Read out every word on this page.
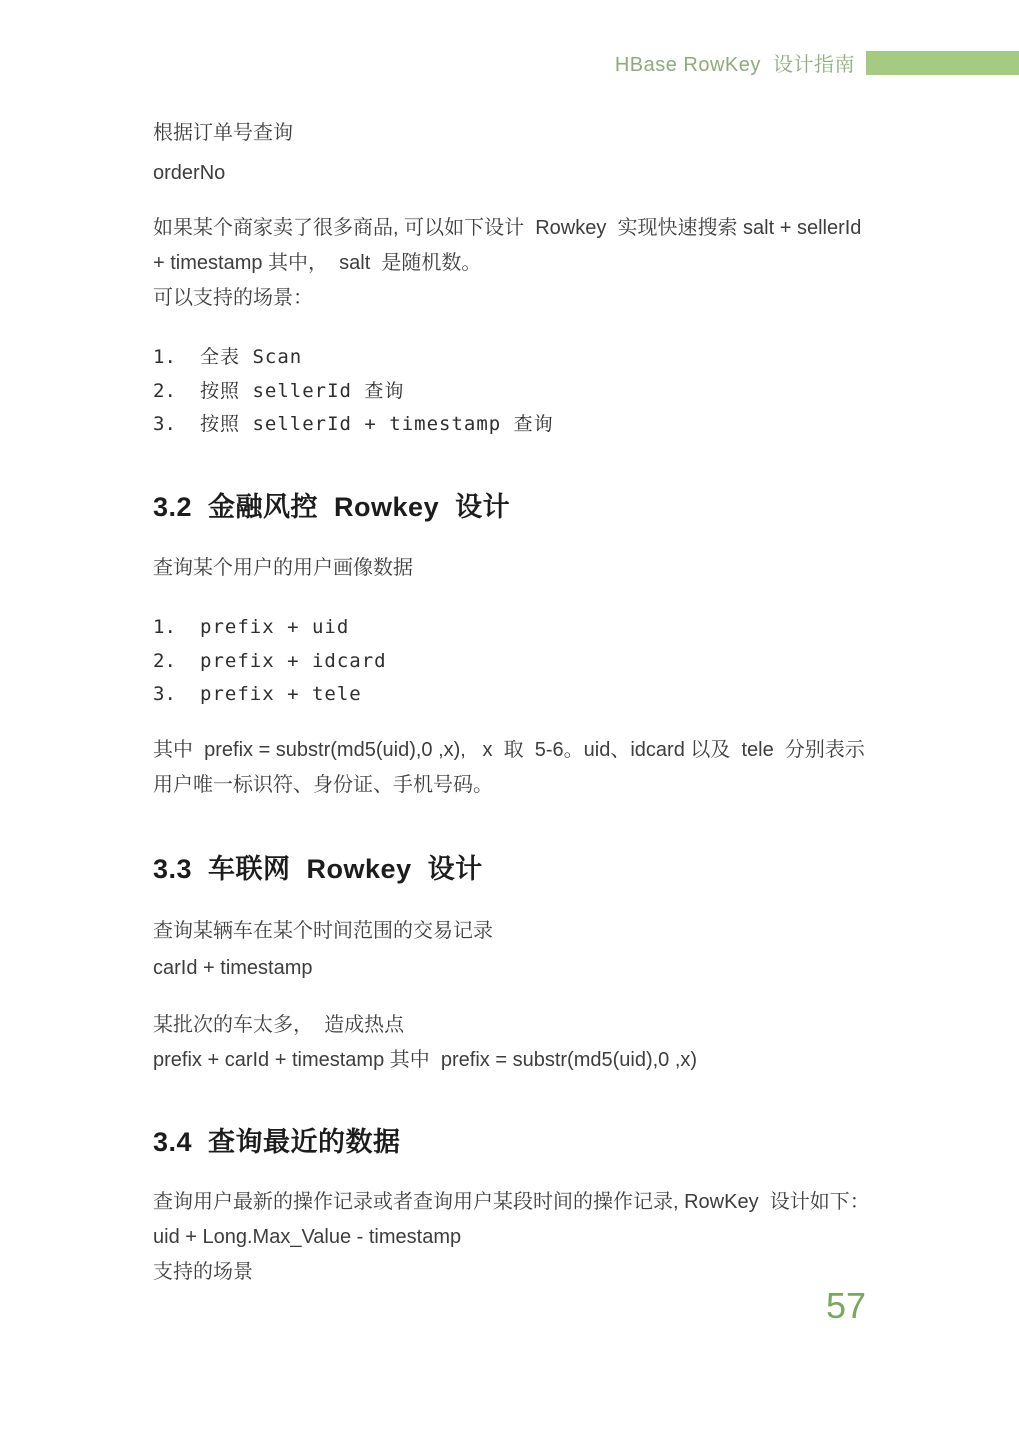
HBase RowKey  设计指南
根据订单号查询
orderNo
如果某个商家卖了很多商品, 可以如下设计  Rowkey  实现快速搜索 salt + sellerId
+ timestamp 其中，  salt  是随机数。
可以支持的场景：
1.	全表 Scan
2.	按照 sellerId 查询
3.	按照 sellerId + timestamp 查询
3.2  金融风控  Rowkey  设计
查询某个用户的用户画像数据
1.	prefix + uid
2.	prefix + idcard
3.	prefix + tele
其中  prefix = substr(md5(uid),0 ,x),   x  取  5-6。uid、idcard 以及  tele  分别表示
用户唯一标识符、身份证、手机号码。
3.3  车联网  Rowkey  设计
查询某辆车在某个时间范围的交易记录
carId + timestamp
某批次的车太多，  造成热点
prefix + carId + timestamp 其中  prefix = substr(md5(uid),0 ,x)
3.4  查询最近的数据
查询用户最新的操作记录或者查询用户某段时间的操作记录, RowKey  设计如下：
uid + Long.Max_Value - timestamp
支持的场景
57
